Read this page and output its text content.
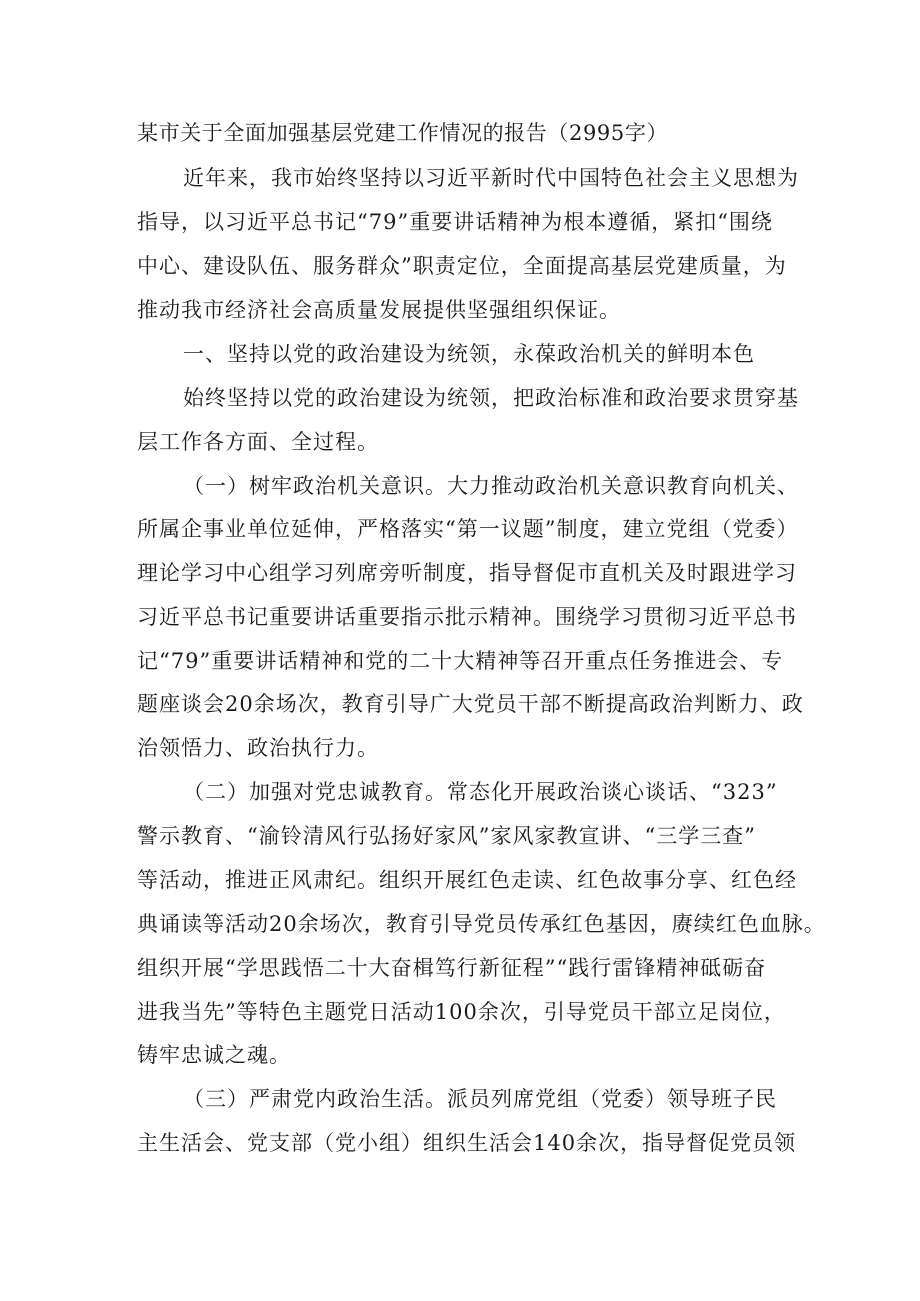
某市关于全面加强基层党建工作情况的报告（2995字）
近年来，我市始终坚持以习近平新时代中国特色社会主义思想为
指导，以习近平总书记“79”重要讲话精神为根本遵循，紧扣“围绕
中心、建设队伍、服务群众”职责定位，全面提高基层党建质量，为
推动我市经济社会高质量发展提供坚强组织保证。
一、坚持以党的政治建设为统领，永葆政治机关的鲜明本色
始终坚持以党的政治建设为统领，把政治标准和政治要求贯穿基
层工作各方面、全过程。
（一）树牢政治机关意识。大力推动政治机关意识教育向机关、
所属企事业单位延伸，严格落实“第一议题”制度，建立党组（党委）
理论学习中心组学习列席旁听制度，指导督促市直机关及时跟进学习
习近平总书记重要讲话重要指示批示精神。围绕学习贯彻习近平总书
记“79”重要讲话精神和党的二十大精神等召开重点任务推进会、专
题座谈会20余场次，教育引导广大党员干部不断提高政治判断力、政
治领悟力、政治执行力。
（二）加强对党忠诚教育。常态化开展政治谈心谈话、“323”
警示教育、“渝铃清风行弘扬好家风”家风家教宣讲、“三学三查”
等活动，推进正风肃纪。组织开展红色走读、红色故事分享、红色经
典诵读等活动20余场次，教育引导党员传承红色基因，赓续红色血脉。
组织开展“学思践悟二十大奋楫笃行新征程”“践行雷锋精神砥砺奋
进我当先”等特色主题党日活动100余次，引导党员干部立足岗位，
铸牢忠诚之魂。
（三）严肃党内政治生活。派员列席党组（党委）领导班子民
主生活会、党支部（党小组）组织生活会140余次，指导督促党员领
